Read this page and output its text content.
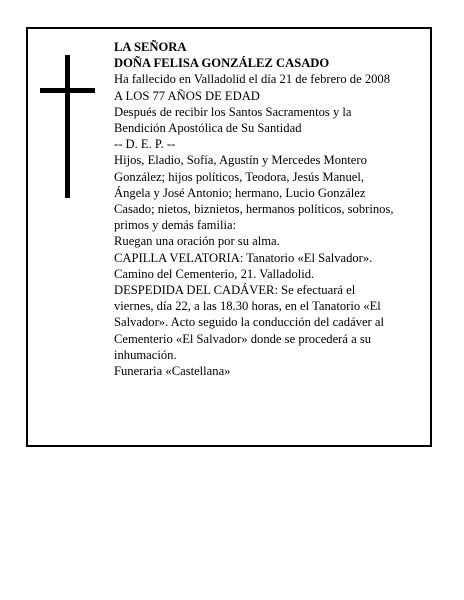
LA SEÑORA
DOÑA FELISA GONZÁLEZ CASADO
Ha fallecido en Valladolid el día 21 de febrero de 2008
A LOS 77 AÑOS DE EDAD
Después de recibir los Santos Sacramentos y la
Bendición Apostólica de Su Santidad
-- D. E. P. --
Hijos, Eladio, Sofía, Agustín y Mercedes Montero
González; hijos políticos, Teodora, Jesús Manuel,
Ángela y José Antonio; hermano, Lucio González
Casado; nietos, biznietos, hermanos políticos, sobrinos,
primos y demás familia:
Ruegan una oración por su alma.
CAPILLA VELATORIA: Tanatorio «El Salvador».
Camino del Cementerio, 21. Valladolid.
DESPEDIDA DEL CADÁVER: Se efectuará el
viernes, día 22, a las 18.30 horas, en el Tanatorio «El
Salvador». Acto seguido la conducción del cadáver al
Cementerio «El Salvador» donde se procederá a su
inhumación.
Funeraria «Castellana»
